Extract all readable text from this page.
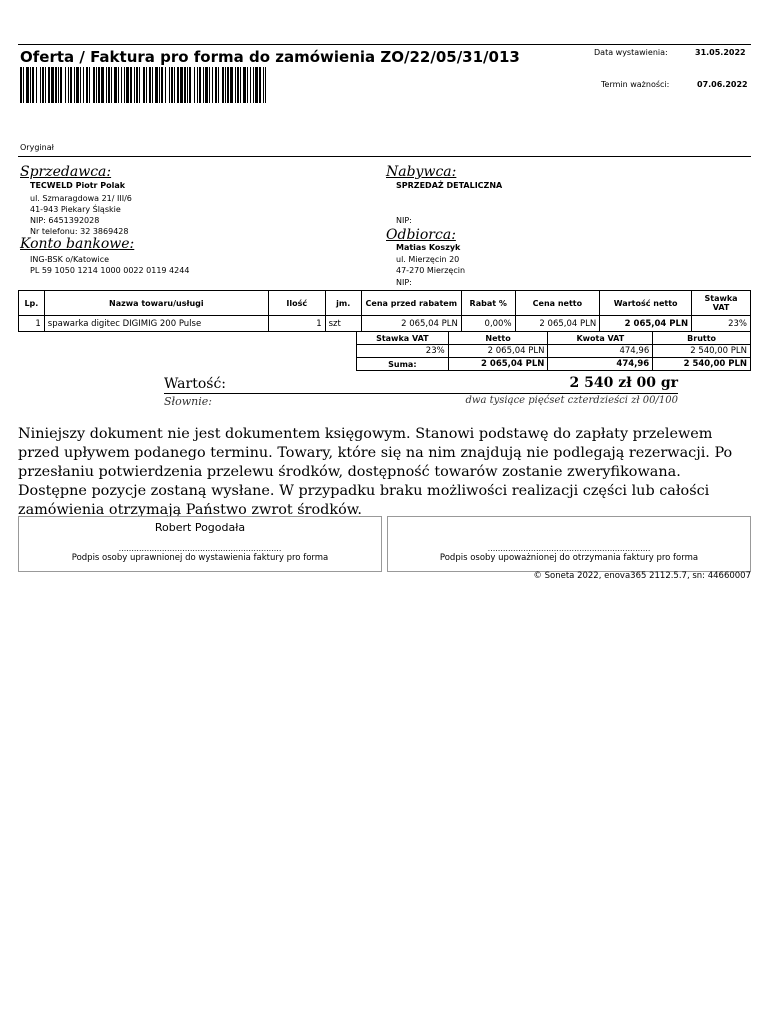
Oferta / Faktura pro forma do zamówienia ZO/22/05/31/013	Data wystawienia:	31.05.2022
Termin ważności:	07.06.2022
Oryginał
Sprzedawca:
TECWELD Piotr Polak
ul. Szmaragdowa 21/ III/6
41-943 Piekary Śląskie
NIP: 6451392028
Nr telefonu: 32 3869428
Konto bankowe:
ING-BSK o/Katowice
PL 59 1050 1214 1000 0022 0119 4244
Nabywca:
SPRZEDAŻ DETALICZNA
NIP:
Odbiorca:
Matias Koszyk
ul. Mierzęcin 20
47-270 Mierzęcin
NIP:
Lp.	Nazwa towaru/usługi	Ilość	jm.	Cena przed rabatem	Rabat %	Cena netto	Wartość netto	Stawka VAT
1	spawarka digitec DIGIMIG 200 Pulse	1	szt	2 065,04 PLN	0,00%	2 065,04 PLN	2 065,04 PLN	23%
Stawka VAT	Netto	Kwota VAT	Brutto
23%	2 065,04 PLN	474,96	2 540,00 PLN
Suma:	2 065,04 PLN	474,96	2 540,00 PLN
Wartość:	2 540 zł 00 gr
Słownie:	dwa tysiące pięćset czterdzieści zł 00/100
Niniejszy dokument nie jest dokumentem księgowym. Stanowi podstawę do zapłaty przelewem przed upływem podanego terminu. Towary, które się na nim znajdują nie podlegają rezerwacji. Po przesłaniu potwierdzenia przelewu środków, dostępność towarów zostanie zweryfikowana. Dostępne pozycje zostaną wysłane. W przypadku braku możliwości realizacji części lub całości zamówienia otrzymają Państwo zwrot środków.
Robert Pogodała
................................................................
Podpis osoby uprawnionej do wystawienia faktury pro forma
................................................................
Podpis osoby upoważnionej do otrzymania faktury pro forma
© Soneta 2022, enova365 2112.5.7, sn: 44660007
